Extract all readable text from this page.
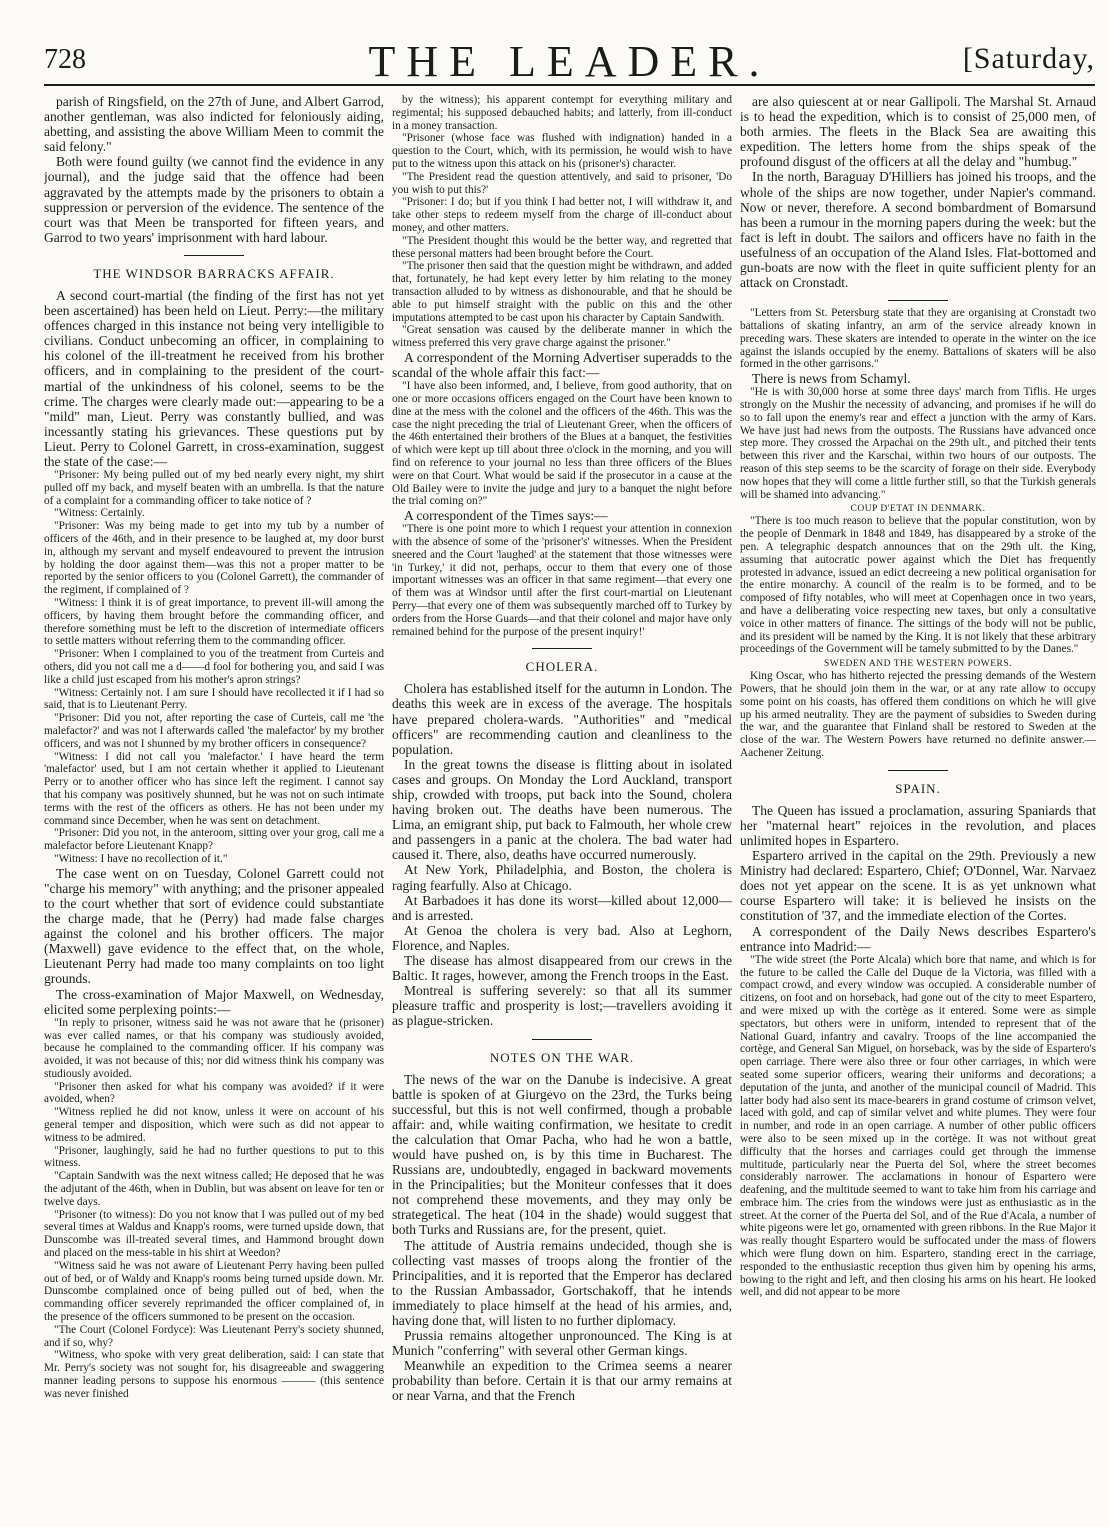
728	THE LEADER.	[Saturday,

parish of Ringsfield, on the 27th of June, and Albert Garrod, another gentleman, was also indicted for feloniously aiding, abetting, and assisting the above William Meen to commit the said felony."

Both were found guilty (we cannot find the evidence in any journal), and the judge said that the offence had been aggravated by the attempts made by the prisoners to obtain a suppression or perversion of the evidence. The sentence of the court was that Meen be transported for fifteen years, and Garrod to two years' imprisonment with hard labour.

THE WINDSOR BARRACKS AFFAIR.

A second court-martial (the finding of the first has not yet been ascertained) has been held on Lieut. Perry:—the military offences charged in this instance not being very intelligible to civilians. Conduct unbecoming an officer, in complaining to his colonel of the ill-treatment he received from his brother officers, and in complaining to the president of the court-martial of the unkindness of his colonel, seems to be the crime. The charges were clearly made out:—appearing to be a "mild" man, Lieut. Perry was constantly bullied, and was incessantly stating his grievances. These questions put by Lieut. Perry to Colonel Garrett, in cross-examination, suggest the state of the case:—

"Prisoner: My being pulled out of my bed nearly every night, my shirt pulled off my back, and myself beaten with an umbrella. Is that the nature of a complaint for a commanding officer to take notice of ?

"Witness: Certainly.

"Prisoner: Was my being made to get into my tub by a number of officers of the 46th, and in their presence to be laughed at, my door burst in, although my servant and myself endeavoured to prevent the intrusion by holding the door against them—was this not a proper matter to be reported by the senior officers to you (Colonel Garrett), the commander of the regiment, if complained of ?

"Witness: I think it is of great importance, to prevent ill-will among the officers, by having them brought before the commanding officer, and therefore something must be left to the discretion of intermediate officers to settle matters without referring them to the commanding officer.

"Prisoner: When I complained to you of the treatment from Curteis and others, did you not call me a d——d fool for bothering you, and said I was like a child just escaped from his mother's apron strings?

"Witness: Certainly not. I am sure I should have recollected it if I had so said, that is to Lieutenant Perry.

"Prisoner: Did you not, after reporting the case of Curteis, call me 'the malefactor?' and was not I afterwards called 'the malefactor' by my brother officers, and was not I shunned by my brother officers in consequence?

"Witness: I did not call you 'malefactor.' I have heard the term 'malefactor' used, but I am not certain whether it applied to Lieutenant Perry or to another officer who has since left the regiment. I cannot say that his company was positively shunned, but he was not on such intimate terms with the rest of the officers as others. He has not been under my command since December, when he was sent on detachment.

"Prisoner: Did you not, in the anteroom, sitting over your grog, call me a malefactor before Lieutenant Knapp?

"Witness: I have no recollection of it."

The case went on on Tuesday, Colonel Garrett could not "charge his memory" with anything; and the prisoner appealed to the court whether that sort of evidence could substantiate the charge made, that he (Perry) had made false charges against the colonel and his brother officers. The major (Maxwell) gave evidence to the effect that, on the whole, Lieutenant Perry had made too many complaints on too light grounds.

The cross-examination of Major Maxwell, on Wednesday, elicited some perplexing points:—

"In reply to prisoner, witness said he was not aware that he (prisoner) was ever called names, or that his company was studiously avoided, because he complained to the commanding officer. If his company was avoided, it was not because of this; nor did witness think his company was studiously avoided.

"Prisoner then asked for what his company was avoided? if it were avoided, when?

"Witness replied he did not know, unless it were on account of his general temper and disposition, which were such as did not appear to witness to be admired.

"Prisoner, laughingly, said he had no further questions to put to this witness.

"Captain Sandwith was the next witness called; He deposed that he was the adjutant of the 46th, when in Dublin, but was absent on leave for ten or twelve days.

"Prisoner (to witness): Do you not know that I was pulled out of my bed several times at Waldus and Knapp's rooms, were turned upside down, that Dunscombe was ill-treated several times, and Hammond brought down and placed on the mess-table in his shirt at Weedon?

"Witness said he was not aware of Lieutenant Perry having been pulled out of bed, or of Waldy and Knapp's rooms being turned upside down. Mr. Dunscombe complained once of being pulled out of bed, when the commanding officer severely reprimanded the officer complained of, in the presence of the officers summoned to be present on the occasion.

"The Court (Colonel Fordyce): Was Lieutenant Perry's society shunned, and if so, why?

"Witness, who spoke with very great deliberation, said: I can state that Mr. Perry's society was not sought for, his disagreeable and swaggering manner leading persons to suppose his enormous ——— (this sentence was never finished

by the witness); his apparent contempt for everything military and regimental; his supposed debauched habits; and latterly, from ill-conduct in a money transaction.

"Prisoner (whose face was flushed with indignation) handed in a question to the Court, which, with its permission, he would wish to have put to the witness upon this attack on his (prisoner's) character.

"The President read the question attentively, and said to prisoner, 'Do you wish to put this?'

"Prisoner: I do; but if you think I had better not, I will withdraw it, and take other steps to redeem myself from the charge of ill-conduct about money, and other matters.

"The President thought this would be the better way, and regretted that these personal matters had been brought before the Court.

"The prisoner then said that the question might be withdrawn, and added that, fortunately, he had kept every letter by him relating to the money transaction alluded to by witness as dishonourable, and that he should be able to put himself straight with the public on this and the other imputations attempted to be cast upon his character by Captain Sandwith.

"Great sensation was caused by the deliberate manner in which the witness preferred this very grave charge against the prisoner."

A correspondent of the Morning Advertiser superadds to the scandal of the whole affair this fact:—

"I have also been informed, and, I believe, from good authority, that on one or more occasions officers engaged on the Court have been known to dine at the mess with the colonel and the officers of the 46th. This was the case the night preceding the trial of Lieutenant Greer, when the officers of the 46th entertained their brothers of the Blues at a banquet, the festivities of which were kept up till about three o'clock in the morning, and you will find on reference to your journal no less than three officers of the Blues were on that Court. What would be said if the prosecutor in a cause at the Old Bailey were to invite the judge and jury to a banquet the night before the trial coming on?"

A correspondent of the Times says:—

"There is one point more to which I request your attention in connexion with the absence of some of the 'prisoner's' witnesses. When the President sneered and the Court 'laughed' at the statement that those witnesses were 'in Turkey,' it did not, perhaps, occur to them that every one of those important witnesses was an officer in that same regiment—that every one of them was at Windsor until after the first court-martial on Lieutenant Perry—that every one of them was subsequently marched off to Turkey by orders from the Horse Guards—and that their colonel and major have only remained behind for the purpose of the present inquiry!'

CHOLERA.

Cholera has established itself for the autumn in London. The deaths this week are in excess of the average. The hospitals have prepared cholera-wards. "Authorities" and "medical officers" are recommending caution and cleanliness to the population.

In the great towns the disease is flitting about in isolated cases and groups. On Monday the Lord Auckland, transport ship, crowded with troops, put back into the Sound, cholera having broken out. The deaths have been numerous. The Lima, an emigrant ship, put back to Falmouth, her whole crew and passengers in a panic at the cholera. The bad water had caused it. There, also, deaths have occurred numerously.

At New York, Philadelphia, and Boston, the cholera is raging fearfully. Also at Chicago.

At Barbadoes it has done its worst—killed about 12,000—and is arrested.

At Genoa the cholera is very bad. Also at Leghorn, Florence, and Naples.

The disease has almost disappeared from our crews in the Baltic. It rages, however, among the French troops in the East.

Montreal is suffering severely: so that all its summer pleasure traffic and prosperity is lost;—travellers avoiding it as plague-stricken.

NOTES ON THE WAR.

The news of the war on the Danube is indecisive. A great battle is spoken of at Giurgevo on the 23rd, the Turks being successful, but this is not well confirmed, though a probable affair: and, while waiting confirmation, we hesitate to credit the calculation that Omar Pacha, who had he won a battle, would have pushed on, is by this time in Bucharest. The Russians are, undoubtedly, engaged in backward movements in the Principalities; but the Moniteur confesses that it does not comprehend these movements, and they may only be strategetical. The heat (104 in the shade) would suggest that both Turks and Russians are, for the present, quiet.

The attitude of Austria remains undecided, though she is collecting vast masses of troops along the frontier of the Principalities, and it is reported that the Emperor has declared to the Russian Ambassador, Gortschakoff, that he intends immediately to place himself at the head of his armies, and, having done that, will listen to no further diplomacy.

Prussia remains altogether unpronounced. The King is at Munich "conferring" with several other German kings.

Meanwhile an expedition to the Crimea seems a nearer probability than before. Certain it is that our army remains at or near Varna, and that the French

are also quiescent at or near Gallipoli. The Marshal St. Arnaud is to head the expedition, which is to consist of 25,000 men, of both armies. The fleets in the Black Sea are awaiting this expedition. The letters home from the ships speak of the profound disgust of the officers at all the delay and "humbug."

In the north, Baraguay D'Hilliers has joined his troops, and the whole of the ships are now together, under Napier's command. Now or never, therefore. A second bombardment of Bomarsund has been a rumour in the morning papers during the week: but the fact is left in doubt. The sailors and officers have no faith in the usefulness of an occupation of the Aland Isles. Flat-bottomed and gun-boats are now with the fleet in quite sufficient plenty for an attack on Cronstadt.

"Letters from St. Petersburg state that they are organising at Cronstadt two battalions of skating infantry, an arm of the service already known in preceding wars. These skaters are intended to operate in the winter on the ice against the islands occupied by the enemy. Battalions of skaters will be also formed in the other garrisons."

There is news from Schamyl.

"He is with 30,000 horse at some three days' march from Tiflis. He urges strongly on the Mushir the necessity of advancing, and promises if he will do so to fall upon the enemy's rear and effect a junction with the army of Kars. We have just had news from the outposts. The Russians have advanced once step more. They crossed the Arpachai on the 29th ult., and pitched their tents between this river and the Karschai, within two hours of our outposts. The reason of this step seems to be the scarcity of forage on their side. Everybody now hopes that they will come a little further still, so that the Turkish generals will be shamed into advancing."

COUP D'ETAT IN DENMARK.

"There is too much reason to believe that the popular constitution, won by the people of Denmark in 1848 and 1849, has disappeared by a stroke of the pen. A telegraphic despatch announces that on the 29th ult. the King, assuming that autocratic power against which the Diet has frequently protested in advance, issued an edict decreeing a new political organisation for the entire monarchy. A council of the realm is to be formed, and to be composed of fifty notables, who will meet at Copenhagen once in two years, and have a deliberating voice respecting new taxes, but only a consultative voice in other matters of finance. The sittings of the body will not be public, and its president will be named by the King. It is not likely that these arbitrary proceedings of the Government will be tamely submitted to by the Danes."

SWEDEN AND THE WESTERN POWERS.

King Oscar, who has hitherto rejected the pressing demands of the Western Powers, that he should join them in the war, or at any rate allow to occupy some point on his coasts, has offered them conditions on which he will give up his armed neutrality. They are the payment of subsidies to Sweden during the war, and the guarantee that Finland shall be restored to Sweden at the close of the war. The Western Powers have returned no definite answer.—Aachener Zeitung.

SPAIN.

The Queen has issued a proclamation, assuring Spaniards that her "maternal heart" rejoices in the revolution, and places unlimited hopes in Espartero.

Espartero arrived in the capital on the 29th. Previously a new Ministry had declared: Espartero, Chief; O'Donnel, War. Narvaez does not yet appear on the scene. It is as yet unknown what course Espartero will take: it is believed he insists on the constitution of '37, and the immediate election of the Cortes.

A correspondent of the Daily News describes Espartero's entrance into Madrid:—

"The wide street (the Porte Alcala) which bore that name, and which is for the future to be called the Calle del Duque de la Victoria, was filled with a compact crowd, and every window was occupied. A considerable number of citizens, on foot and on horseback, had gone out of the city to meet Espartero, and were mixed up with the cortège as it entered. Some were as simple spectators, but others were in uniform, intended to represent that of the National Guard, infantry and cavalry. Troops of the line accompanied the cortège, and General San Miguel, on horseback, was by the side of Espartero's open carriage. There were also three or four other carriages, in which were seated some superior officers, wearing their uniforms and decorations; a deputation of the junta, and another of the municipal council of Madrid. This latter body had also sent its mace-bearers in grand costume of crimson velvet, laced with gold, and cap of similar velvet and white plumes. They were four in number, and rode in an open carriage. A number of other public officers were also to be seen mixed up in the cortège. It was not without great difficulty that the horses and carriages could get through the immense multitude, particularly near the Puerta del Sol, where the street becomes considerably narrower. The acclamations in honour of Espartero were deafening, and the multitude seemed to want to take him from his carriage and embrace him. The cries from the windows were just as enthusiastic as in the street. At the corner of the Puerta del Sol, and of the Rue d'Acala, a number of white pigeons were let go, ornamented with green ribbons. In the Rue Major it was really thought Espartero would be suffocated under the mass of flowers which were flung down on him. Espartero, standing erect in the carriage, responded to the enthusiastic reception thus given him by opening his arms, bowing to the right and left, and then closing his arms on his heart. He looked well, and did not appear to be more
